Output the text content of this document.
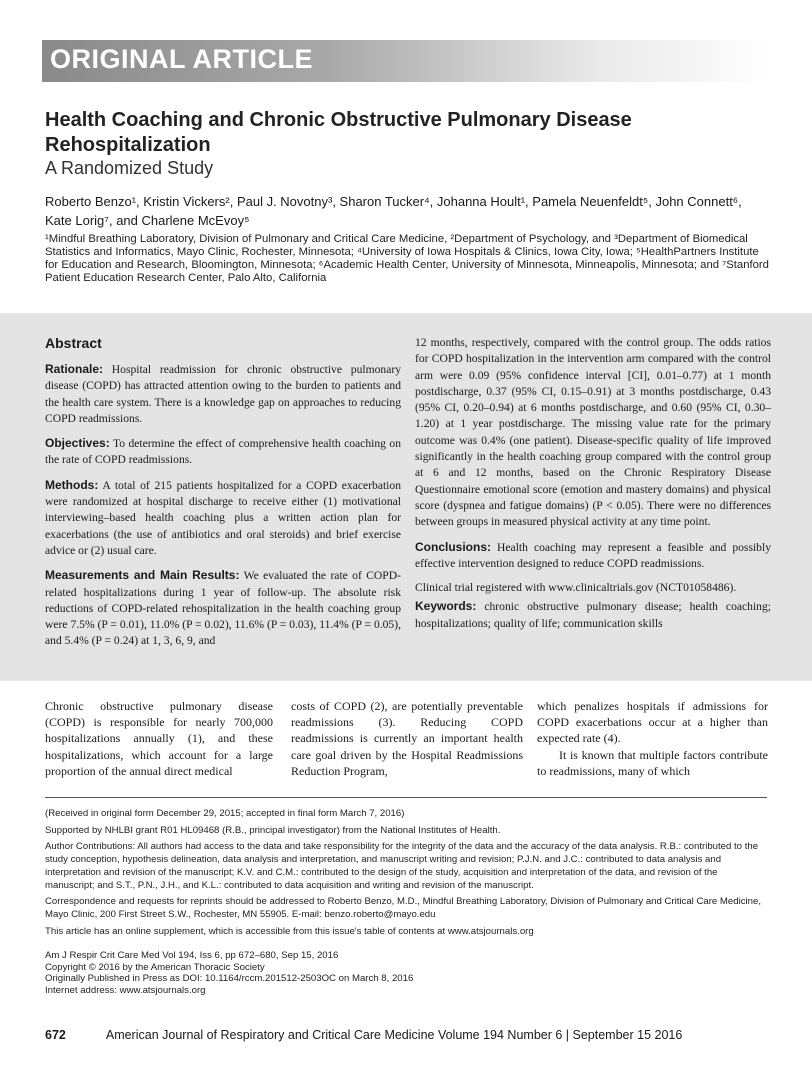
ORIGINAL ARTICLE
Health Coaching and Chronic Obstructive Pulmonary Disease Rehospitalization
A Randomized Study
Roberto Benzo¹, Kristin Vickers², Paul J. Novotny³, Sharon Tucker⁴, Johanna Hoult¹, Pamela Neuenfeldt⁵, John Connett⁶, Kate Lorig⁷, and Charlene McEvoy⁵
¹Mindful Breathing Laboratory, Division of Pulmonary and Critical Care Medicine, ²Department of Psychology, and ³Department of Biomedical Statistics and Informatics, Mayo Clinic, Rochester, Minnesota; ⁴University of Iowa Hospitals & Clinics, Iowa City, Iowa; ⁵HealthPartners Institute for Education and Research, Bloomington, Minnesota; ⁶Academic Health Center, University of Minnesota, Minneapolis, Minnesota; and ⁷Stanford Patient Education Research Center, Palo Alto, California
Abstract

Rationale: Hospital readmission for chronic obstructive pulmonary disease (COPD) has attracted attention owing to the burden to patients and the health care system. There is a knowledge gap on approaches to reducing COPD readmissions.

Objectives: To determine the effect of comprehensive health coaching on the rate of COPD readmissions.

Methods: A total of 215 patients hospitalized for a COPD exacerbation were randomized at hospital discharge to receive either (1) motivational interviewing–based health coaching plus a written action plan for exacerbations (the use of antibiotics and oral steroids) and brief exercise advice or (2) usual care.

Measurements and Main Results: We evaluated the rate of COPD-related hospitalizations during 1 year of follow-up. The absolute risk reductions of COPD-related rehospitalization in the health coaching group were 7.5% (P = 0.01), 11.0% (P = 0.02), 11.6% (P = 0.03), 11.4% (P = 0.05), and 5.4% (P = 0.24) at 1, 3, 6, 9, and

12 months, respectively, compared with the control group. The odds ratios for COPD hospitalization in the intervention arm compared with the control arm were 0.09 (95% confidence interval [CI], 0.01–0.77) at 1 month postdischarge, 0.37 (95% CI, 0.15–0.91) at 3 months postdischarge, 0.43 (95% CI, 0.20–0.94) at 6 months postdischarge, and 0.60 (95% CI, 0.30–1.20) at 1 year postdischarge. The missing value rate for the primary outcome was 0.4% (one patient). Disease-specific quality of life improved significantly in the health coaching group compared with the control group at 6 and 12 months, based on the Chronic Respiratory Disease Questionnaire emotional score (emotion and mastery domains) and physical score (dyspnea and fatigue domains) (P < 0.05). There were no differences between groups in measured physical activity at any time point.

Conclusions: Health coaching may represent a feasible and possibly effective intervention designed to reduce COPD readmissions.

Clinical trial registered with www.clinicaltrials.gov (NCT01058486).

Keywords: chronic obstructive pulmonary disease; health coaching; hospitalizations; quality of life; communication skills

Chronic obstructive pulmonary disease (COPD) is responsible for nearly 700,000 hospitalizations annually (1), and these hospitalizations, which account for a large proportion of the annual direct medical
costs of COPD (2), are potentially preventable readmissions (3). Reducing COPD readmissions is currently an important health care goal driven by the Hospital Readmissions Reduction Program,
which penalizes hospitals if admissions for COPD exacerbations occur at a higher than expected rate (4).
It is known that multiple factors contribute to readmissions, many of which

(Received in original form December 29, 2015; accepted in final form March 7, 2016)

Supported by NHLBI grant R01 HL09468 (R.B., principal investigator) from the National Institutes of Health.

Author Contributions: All authors had access to the data and take responsibility for the integrity of the data and the accuracy of the data analysis. R.B.: contributed to the study conception, hypothesis delineation, data analysis and interpretation, and manuscript writing and revision; P.J.N. and J.C.: contributed to data analysis and interpretation and revision of the manuscript; K.V. and C.M.: contributed to the design of the study, acquisition and interpretation of the data, and revision of the manuscript; and S.T., P.N., J.H., and K.L.: contributed to data acquisition and writing and revision of the manuscript.

Correspondence and requests for reprints should be addressed to Roberto Benzo, M.D., Mindful Breathing Laboratory, Division of Pulmonary and Critical Care Medicine, Mayo Clinic, 200 First Street S.W., Rochester, MN 55905. E-mail: benzo.roberto@mayo.edu

This article has an online supplement, which is accessible from this issue's table of contents at www.atsjournals.org

Am J Respir Crit Care Med Vol 194, Iss 6, pp 672–680, Sep 15, 2016
Copyright © 2016 by the American Thoracic Society
Originally Published in Press as DOI: 10.1164/rccm.201512-2503OC on March 8, 2016
Internet address: www.atsjournals.org
672	American Journal of Respiratory and Critical Care Medicine Volume 194 Number 6 | September 15 2016
